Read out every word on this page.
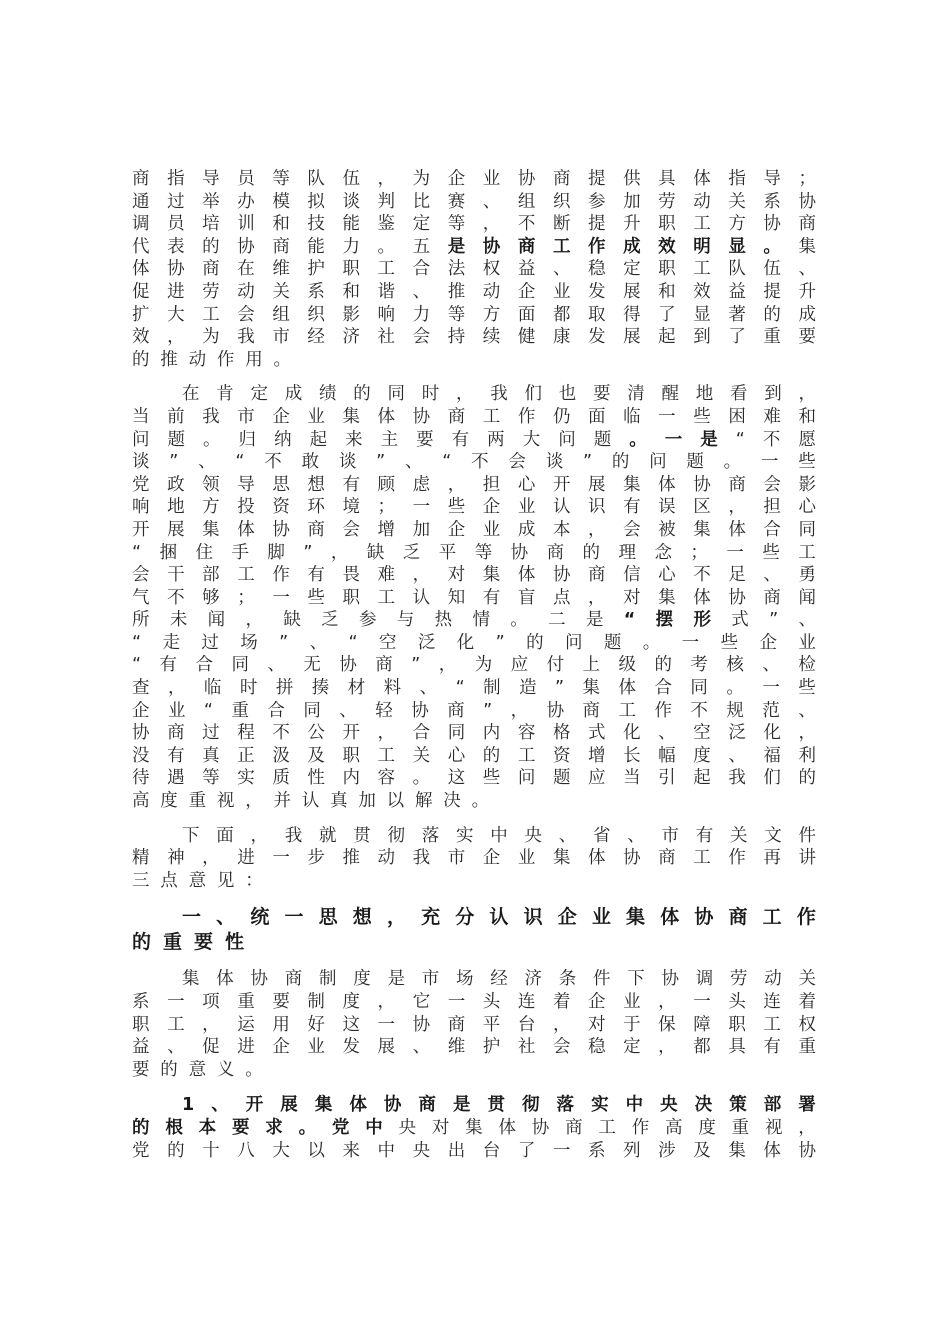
商 指 导 员 等 队 伍 ， 为 企 业 协 商 提 供 具 体 指 导 ；
通 过 举 办 模 拟 谈 判 比 赛 、 组 织 参 加 劳 动 关 系 协
调 员 培 训 和 技 能 鉴 定 等 ， 不 断 提 升 职 工 方 协 商
代 表 的 协 商 能 力 。 五 是 协 商 工 作 成 效 明 显 。 集
体 协 商 在 维 护 职 工 合 法 权 益 、 稳 定 职 工 队 伍 、
促 进 劳 动 关 系 和 谐 、 推 动 企 业 发 展 和 效 益 提 升
扩 大 工 会 组 织 影 响 力 等 方 面 都 取 得 了 显 著 的 成
效 ， 为 我 市 经 济 社 会 持 续 健 康 发 展 起 到 了 重 要
的 推 动 作 用 。
在 肯 定 成 绩 的 同 时 ， 我 们 也 要 清 醒 地 看 到 ，
当 前 我 市 企 业 集 体 协 商 工 作 仍 面 临 一 些 困 难 和
问 题 。 归 纳 起 来 主 要 有 两 大 问 题 。 一 是 “ 不 愿
谈 ” 、 “ 不 敢 谈 ” 、 “ 不 会 谈 ” 的 问 题 。 一 些
党 政 领 导 思 想 有 顾 虑 ， 担 心 开 展 集 体 协 商 会 影
响 地 方 投 资 环 境 ； 一 些 企 业 认 识 有 误 区 ， 担 心
开 展 集 体 协 商 会 增 加 企 业 成 本 ， 会 被 集 体 合 同
“ 捆 住 手 脚 ” ， 缺 乏 平 等 协 商 的 理 念 ； 一 些 工
会 干 部 工 作 有 畏 难 ， 对 集 体 协 商 信 心 不 足 、 勇
气 不 够 ； 一 些 职 工 认 知 有 盲 点 ， 对 集 体 协 商 闻
所 未 闻 ， 缺 乏 参 与 热 情 。 二 是 “ 摆 形 式 ” 、
“ 走 过 场 ” 、 “ 空 泛 化 ” 的 问 题 。 一 些 企 业
“ 有 合 同 、 无 协 商 ” ， 为 应 付 上 级 的 考 核 、 检
查 ， 临 时 拼 揍 材 料 、 “ 制 造 ” 集 体 合 同 。 一 些
企 业 “ 重 合 同 、 轻 协 商 ” ， 协 商 工 作 不 规 范 、
协 商 过 程 不 公 开 ， 合 同 内 容 格 式 化 、 空 泛 化 ，
没 有 真 正 汲 及 职 工 关 心 的 工 资 增 长 幅 度 、 福 利
待 遇 等 实 质 性 内 容 。 这 些 问 题 应 当 引 起 我 们 的
高 度 重 视 ， 并 认 真 加 以 解 决 。
下 面 ， 我 就 贯 彻 落 实 中 央 、 省 、 市 有 关 文 件
精 神 ， 进 一 步 推 动 我 市 企 业 集 体 协 商 工 作 再 讲
三 点 意 见 ：
一 、 统 一 思 想 ， 充 分 认 识 企 业 集 体 协 商 工 作
的 重 要 性
集 体 协 商 制 度 是 市 场 经 济 条 件 下 协 调 劳 动 关
系 一 项 重 要 制 度 ， 它 一 头 连 着 企 业 ， 一 头 连 着
职 工 ， 运 用 好 这 一 协 商 平 台 ， 对 于 保 障 职 工 权
益 、 促 进 企 业 发 展 、 维 护 社 会 稳 定 ， 都 具 有 重
要 的 意 义 。
1 、 开 展 集 体 协 商 是 贯 彻 落 实 中 央 决 策 部 署
的 根 本 要 求 。 党 中 央 对 集 体 协 商 工 作 高 度 重 视 ，
党 的 十 八 大 以 来 中 央 出 台 了 一 系 列 涉 及 集 体 协
